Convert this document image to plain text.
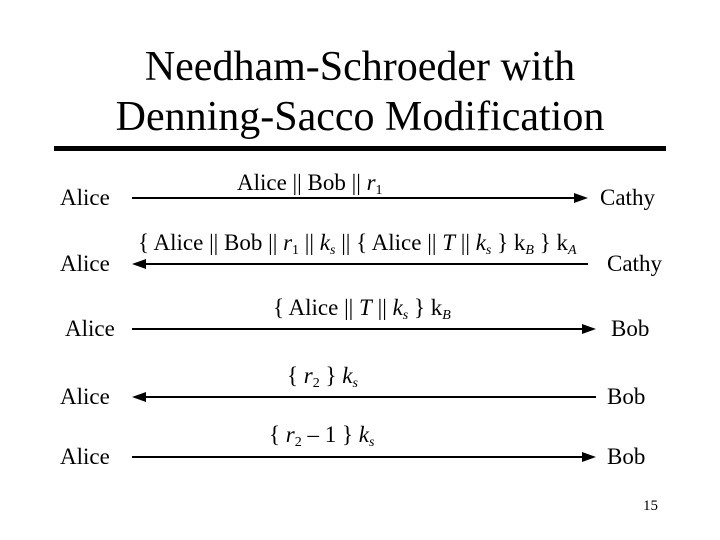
Needham-Schroeder with
Denning-Sacco Modification
Alice	Cathy
Alice || Bob || $r_1$
Alice	Cathy
{ Alice || Bob || $r_1$ || $k_s$ || { Alice || T || $k_s$ } $k_B$ } $k_A$
Alice	Bob
{ Alice || T || $k_s$ } $k_B$
Alice	Bob
{ $r_2$ } $k_s$
Alice	Bob
{ $r_2 - 1$ } $k_s$
15
